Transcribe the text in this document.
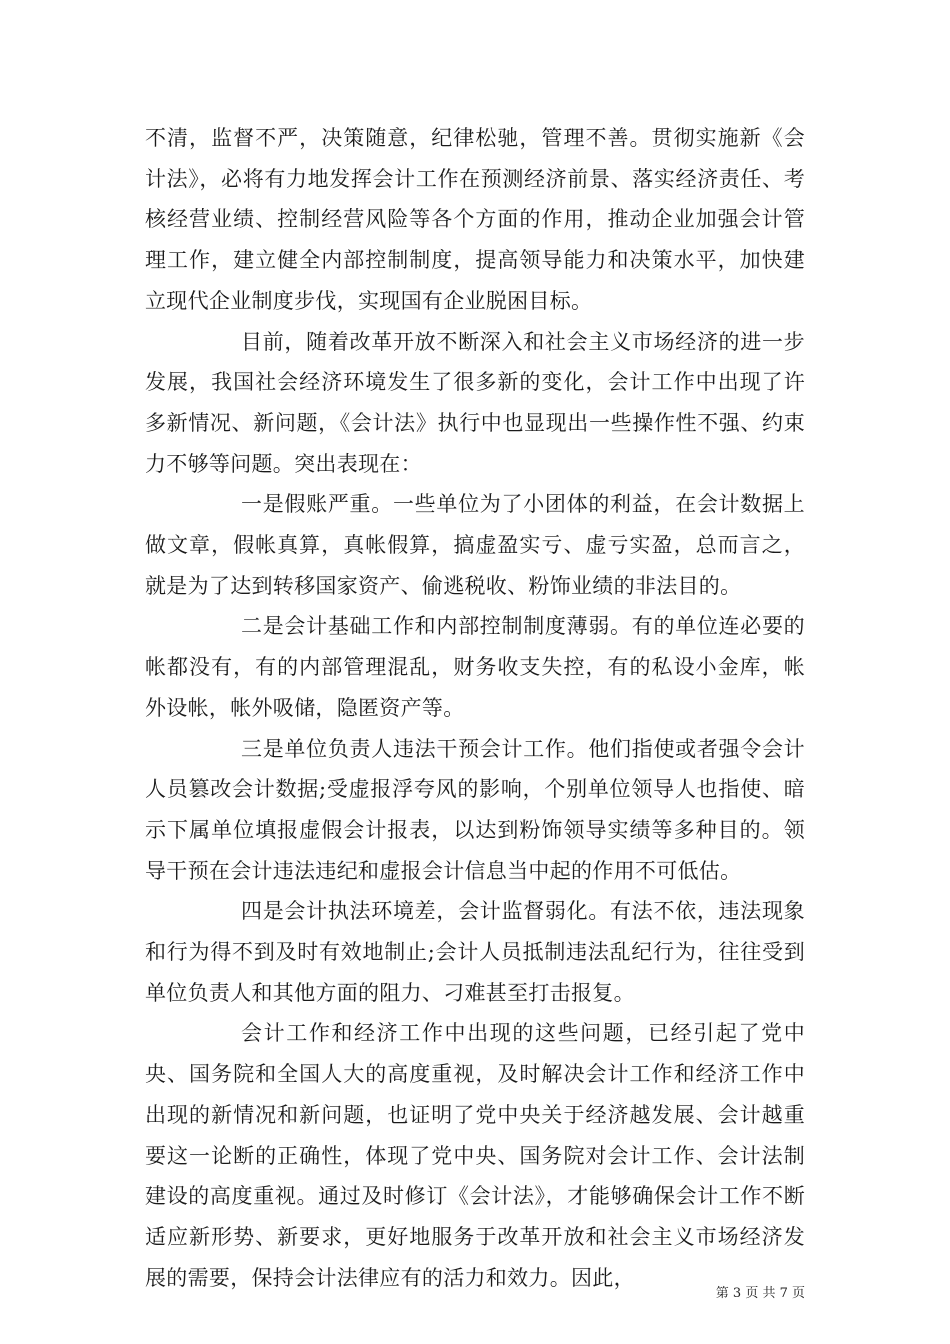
不清，监督不严，决策随意，纪律松驰，管理不善。贯彻实施新《会计法》，必将有力地发挥会计工作在预测经济前景、落实经济责任、考核经营业绩、控制经营风险等各个方面的作用，推动企业加强会计管理工作，建立健全内部控制制度，提高领导能力和决策水平，加快建立现代企业制度步伐，实现国有企业脱困目标。

目前，随着改革开放不断深入和社会主义市场经济的进一步发展，我国社会经济环境发生了很多新的变化，会计工作中出现了许多新情况、新问题，《会计法》执行中也显现出一些操作性不强、约束力不够等问题。突出表现在：

一是假账严重。一些单位为了小团体的利益，在会计数据上做文章，假帐真算，真帐假算，搞虚盈实亏、虚亏实盈，总而言之，就是为了达到转移国家资产、偷逃税收、粉饰业绩的非法目的。

二是会计基础工作和内部控制制度薄弱。有的单位连必要的帐都没有，有的内部管理混乱，财务收支失控，有的私设小金库，帐外设帐，帐外吸储，隐匿资产等。

三是单位负责人违法干预会计工作。他们指使或者强令会计人员篡改会计数据;受虚报浮夸风的影响，个别单位领导人也指使、暗示下属单位填报虚假会计报表，以达到粉饰领导实绩等多种目的。领导干预在会计违法违纪和虚报会计信息当中起的作用不可低估。

四是会计执法环境差，会计监督弱化。有法不依，违法现象和行为得不到及时有效地制止;会计人员抵制违法乱纪行为，往往受到单位负责人和其他方面的阻力、刁难甚至打击报复。

会计工作和经济工作中出现的这些问题，已经引起了党中央、国务院和全国人大的高度重视，及时解决会计工作和经济工作中出现的新情况和新问题，也证明了党中央关于经济越发展、会计越重要这一论断的正确性，体现了党中央、国务院对会计工作、会计法制建设的高度重视。通过及时修订《会计法》，才能够确保会计工作不断适应新形势、新要求，更好地服务于改革开放和社会主义市场经济发展的需要，保持会计法律应有的活力和效力。因此，

第 3 页 共 7 页
